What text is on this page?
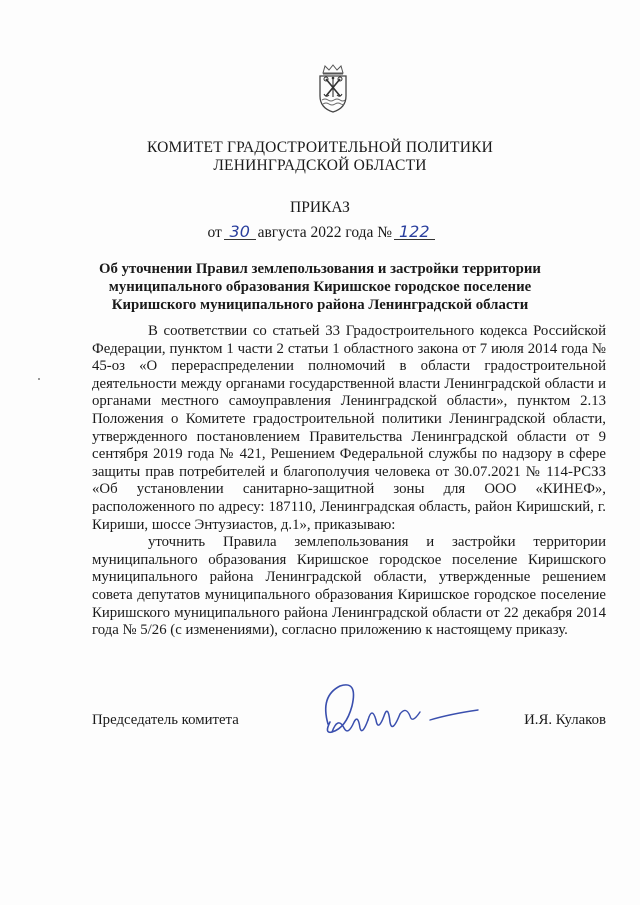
КОМИТЕТ ГРАДОСТРОИТЕЛЬНОЙ ПОЛИТИКИ
ЛЕНИНГРАДСКОЙ ОБЛАСТИ
ПРИКАЗ
от 30 августа 2022 года № 122
Об уточнении Правил землепользования и застройки территории муниципального образования Киришское городское поселение Киришского муниципального района Ленинградской области

В соответствии со статьей 33 Градостроительного кодекса Российской Федерации, пунктом 1 части 2 статьи 1 областного закона от 7 июля 2014 года № 45-оз «О перераспределении полномочий в области градостроительной деятельности между органами государственной власти Ленинградской области и органами местного самоуправления Ленинградской области», пунктом 2.13 Положения о Комитете градостроительной политики Ленинградской области, утвержденного постановлением Правительства Ленинградской области от 9 сентября 2019 года № 421, Решением Федеральной службы по надзору в сфере защиты прав потребителей и благополучия человека от 30.07.2021 № 114-РСЗЗ «Об установлении санитарно-защитной зоны для ООО «КИНЕФ», расположенного по адресу: 187110, Ленинградская область, район Киришский, г. Кириши, шоссе Энтузиастов, д.1», приказываю:

уточнить Правила землепользования и застройки территории муниципального образования Киришское городское поселение Киришского муниципального района Ленинградской области, утвержденные решением совета депутатов муниципального образования Киришское городское поселение Киришского муниципального района Ленинградской области от 22 декабря 2014 года № 5/26 (с изменениями), согласно приложению к настоящему приказу.

Председатель комитета	И.Я. Кулаков
